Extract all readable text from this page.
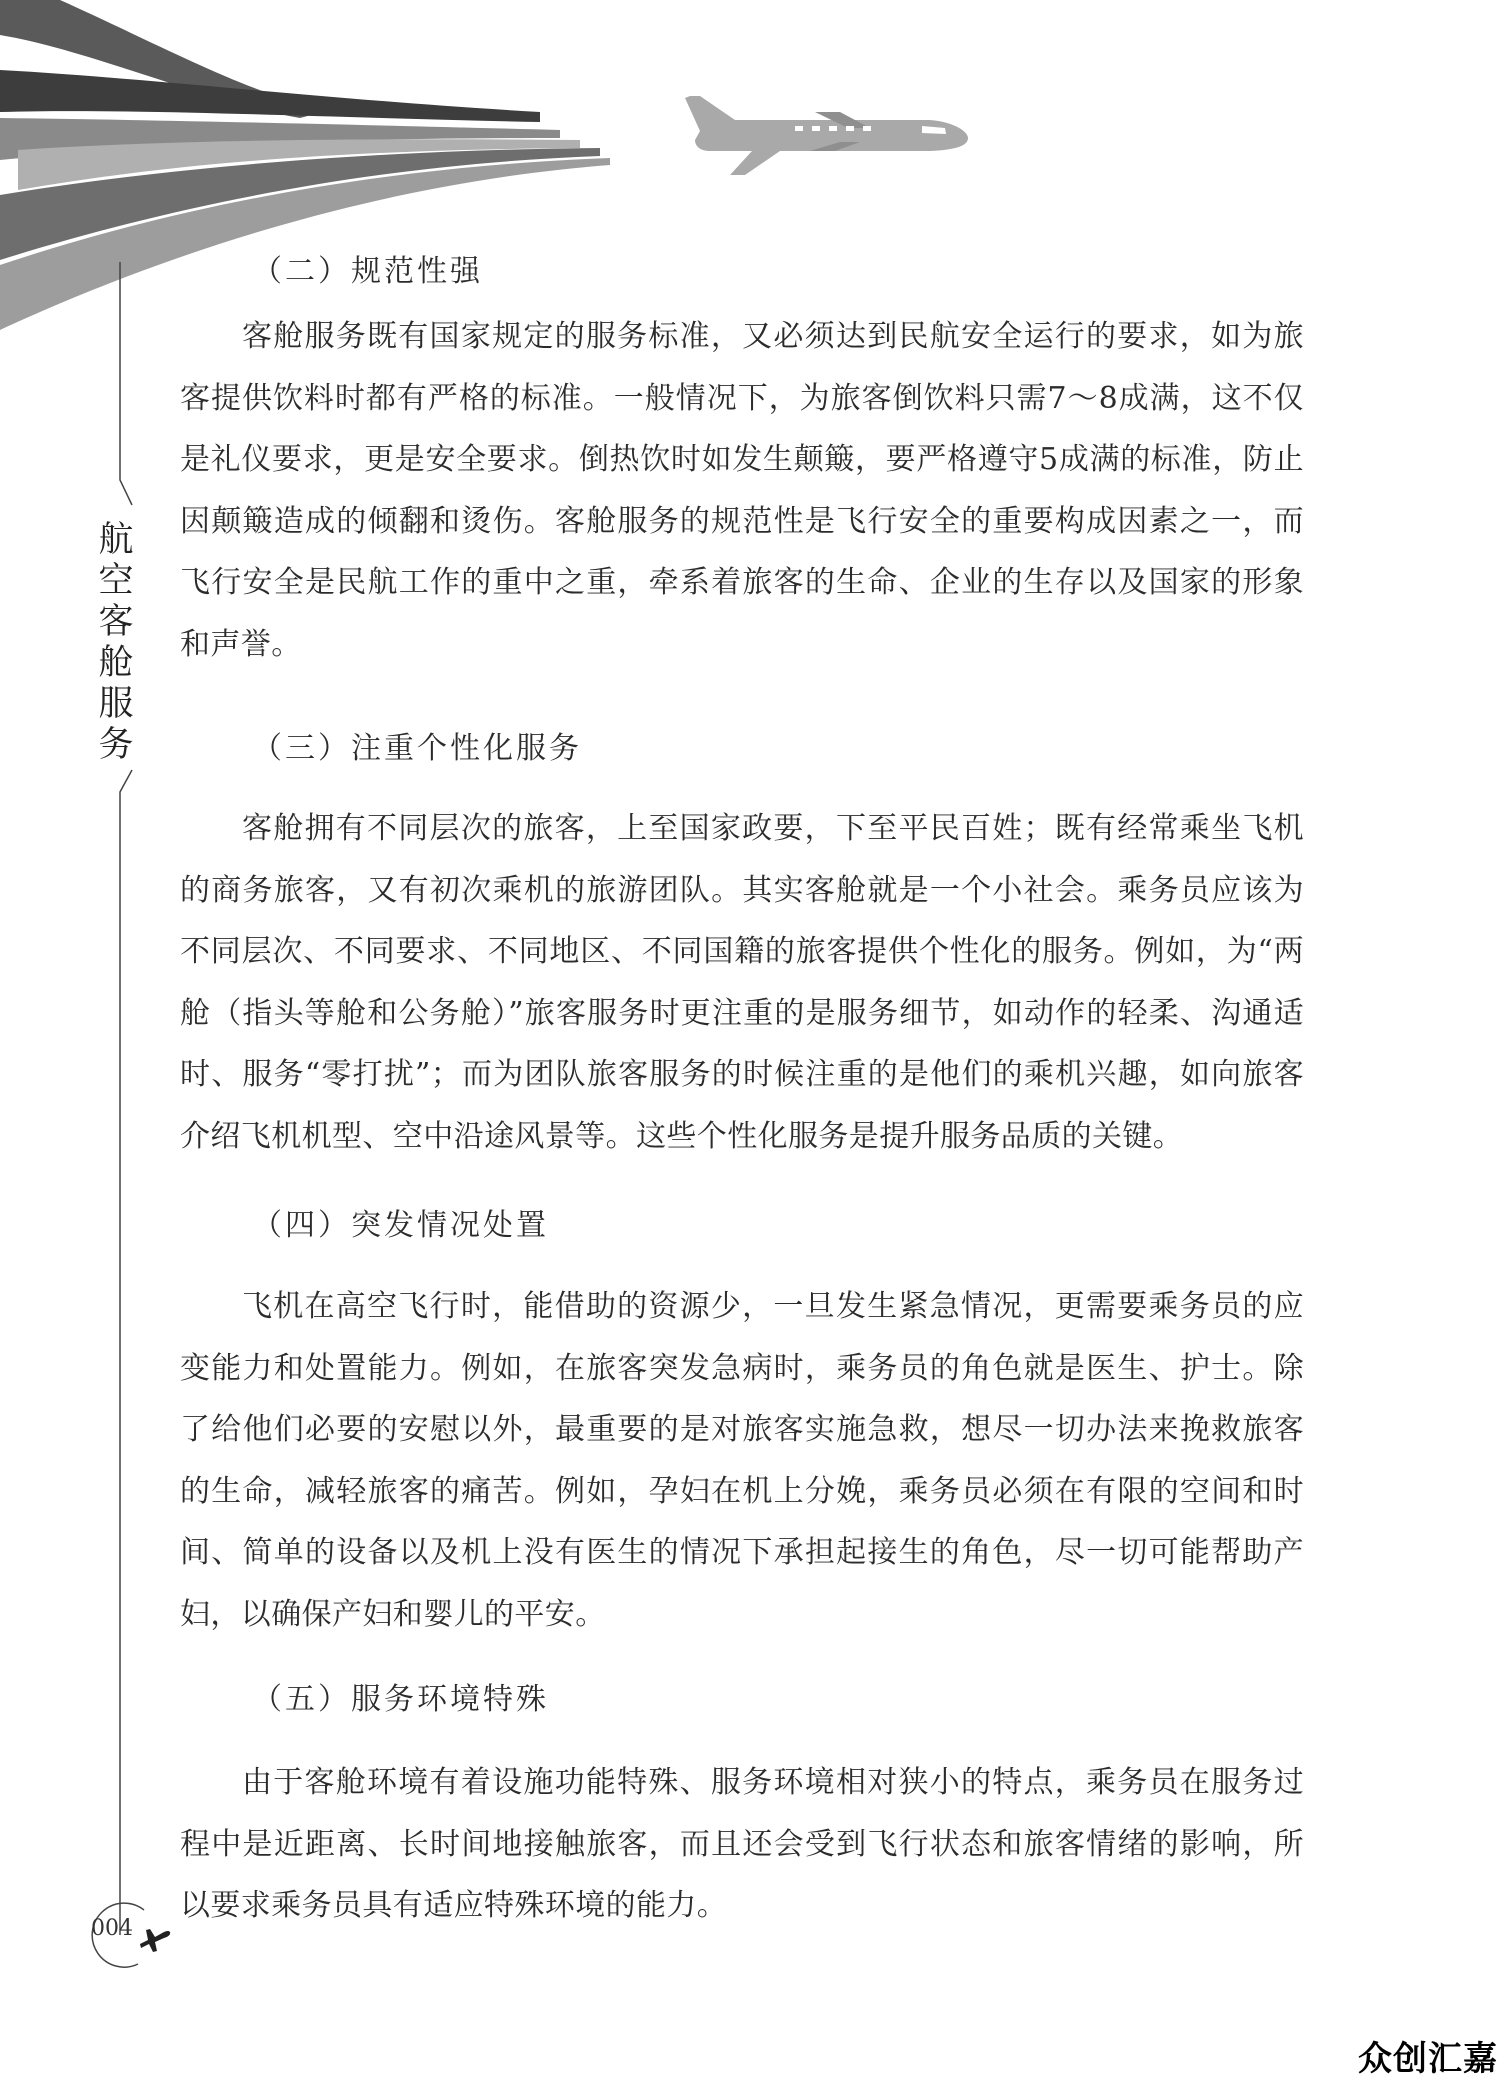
航
空
客
舱
服
务
（二）规范性强

客舱服务既有国家规定的服务标准，又必须达到民航安全运行的要求，如为旅客提供饮料时都有严格的标准。一般情况下，为旅客倒饮料只需7～8成满，这不仅是礼仪要求，更是安全要求。倒热饮时如发生颠簸，要严格遵守5成满的标准，防止因颠簸造成的倾翻和烫伤。客舱服务的规范性是飞行安全的重要构成因素之一，而飞行安全是民航工作的重中之重，牵系着旅客的生命、企业的生存以及国家的形象和声誉。

（三）注重个性化服务

客舱拥有不同层次的旅客，上至国家政要，下至平民百姓；既有经常乘坐飞机的商务旅客，又有初次乘机的旅游团队。其实客舱就是一个小社会。乘务员应该为不同层次、不同要求、不同地区、不同国籍的旅客提供个性化的服务。例如，为“两舱（指头等舱和公务舱）”旅客服务时更注重的是服务细节，如动作的轻柔、沟通适时、服务“零打扰”；而为团队旅客服务的时候注重的是他们的乘机兴趣，如向旅客介绍飞机机型、空中沿途风景等。这些个性化服务是提升服务品质的关键。

（四）突发情况处置

飞机在高空飞行时，能借助的资源少，一旦发生紧急情况，更需要乘务员的应变能力和处置能力。例如，在旅客突发急病时，乘务员的角色就是医生、护士。除了给他们必要的安慰以外，最重要的是对旅客实施急救，想尽一切办法来挽救旅客的生命，减轻旅客的痛苦。例如，孕妇在机上分娩，乘务员必须在有限的空间和时间、简单的设备以及机上没有医生的情况下承担起接生的角色，尽一切可能帮助产妇，以确保产妇和婴儿的平安。

（五）服务环境特殊

由于客舱环境有着设施功能特殊、服务环境相对狭小的特点，乘务员在服务过程中是近距离、长时间地接触旅客，而且还会受到飞行状态和旅客情绪的影响，所以要求乘务员具有适应特殊环境的能力。

004
众创汇嘉
